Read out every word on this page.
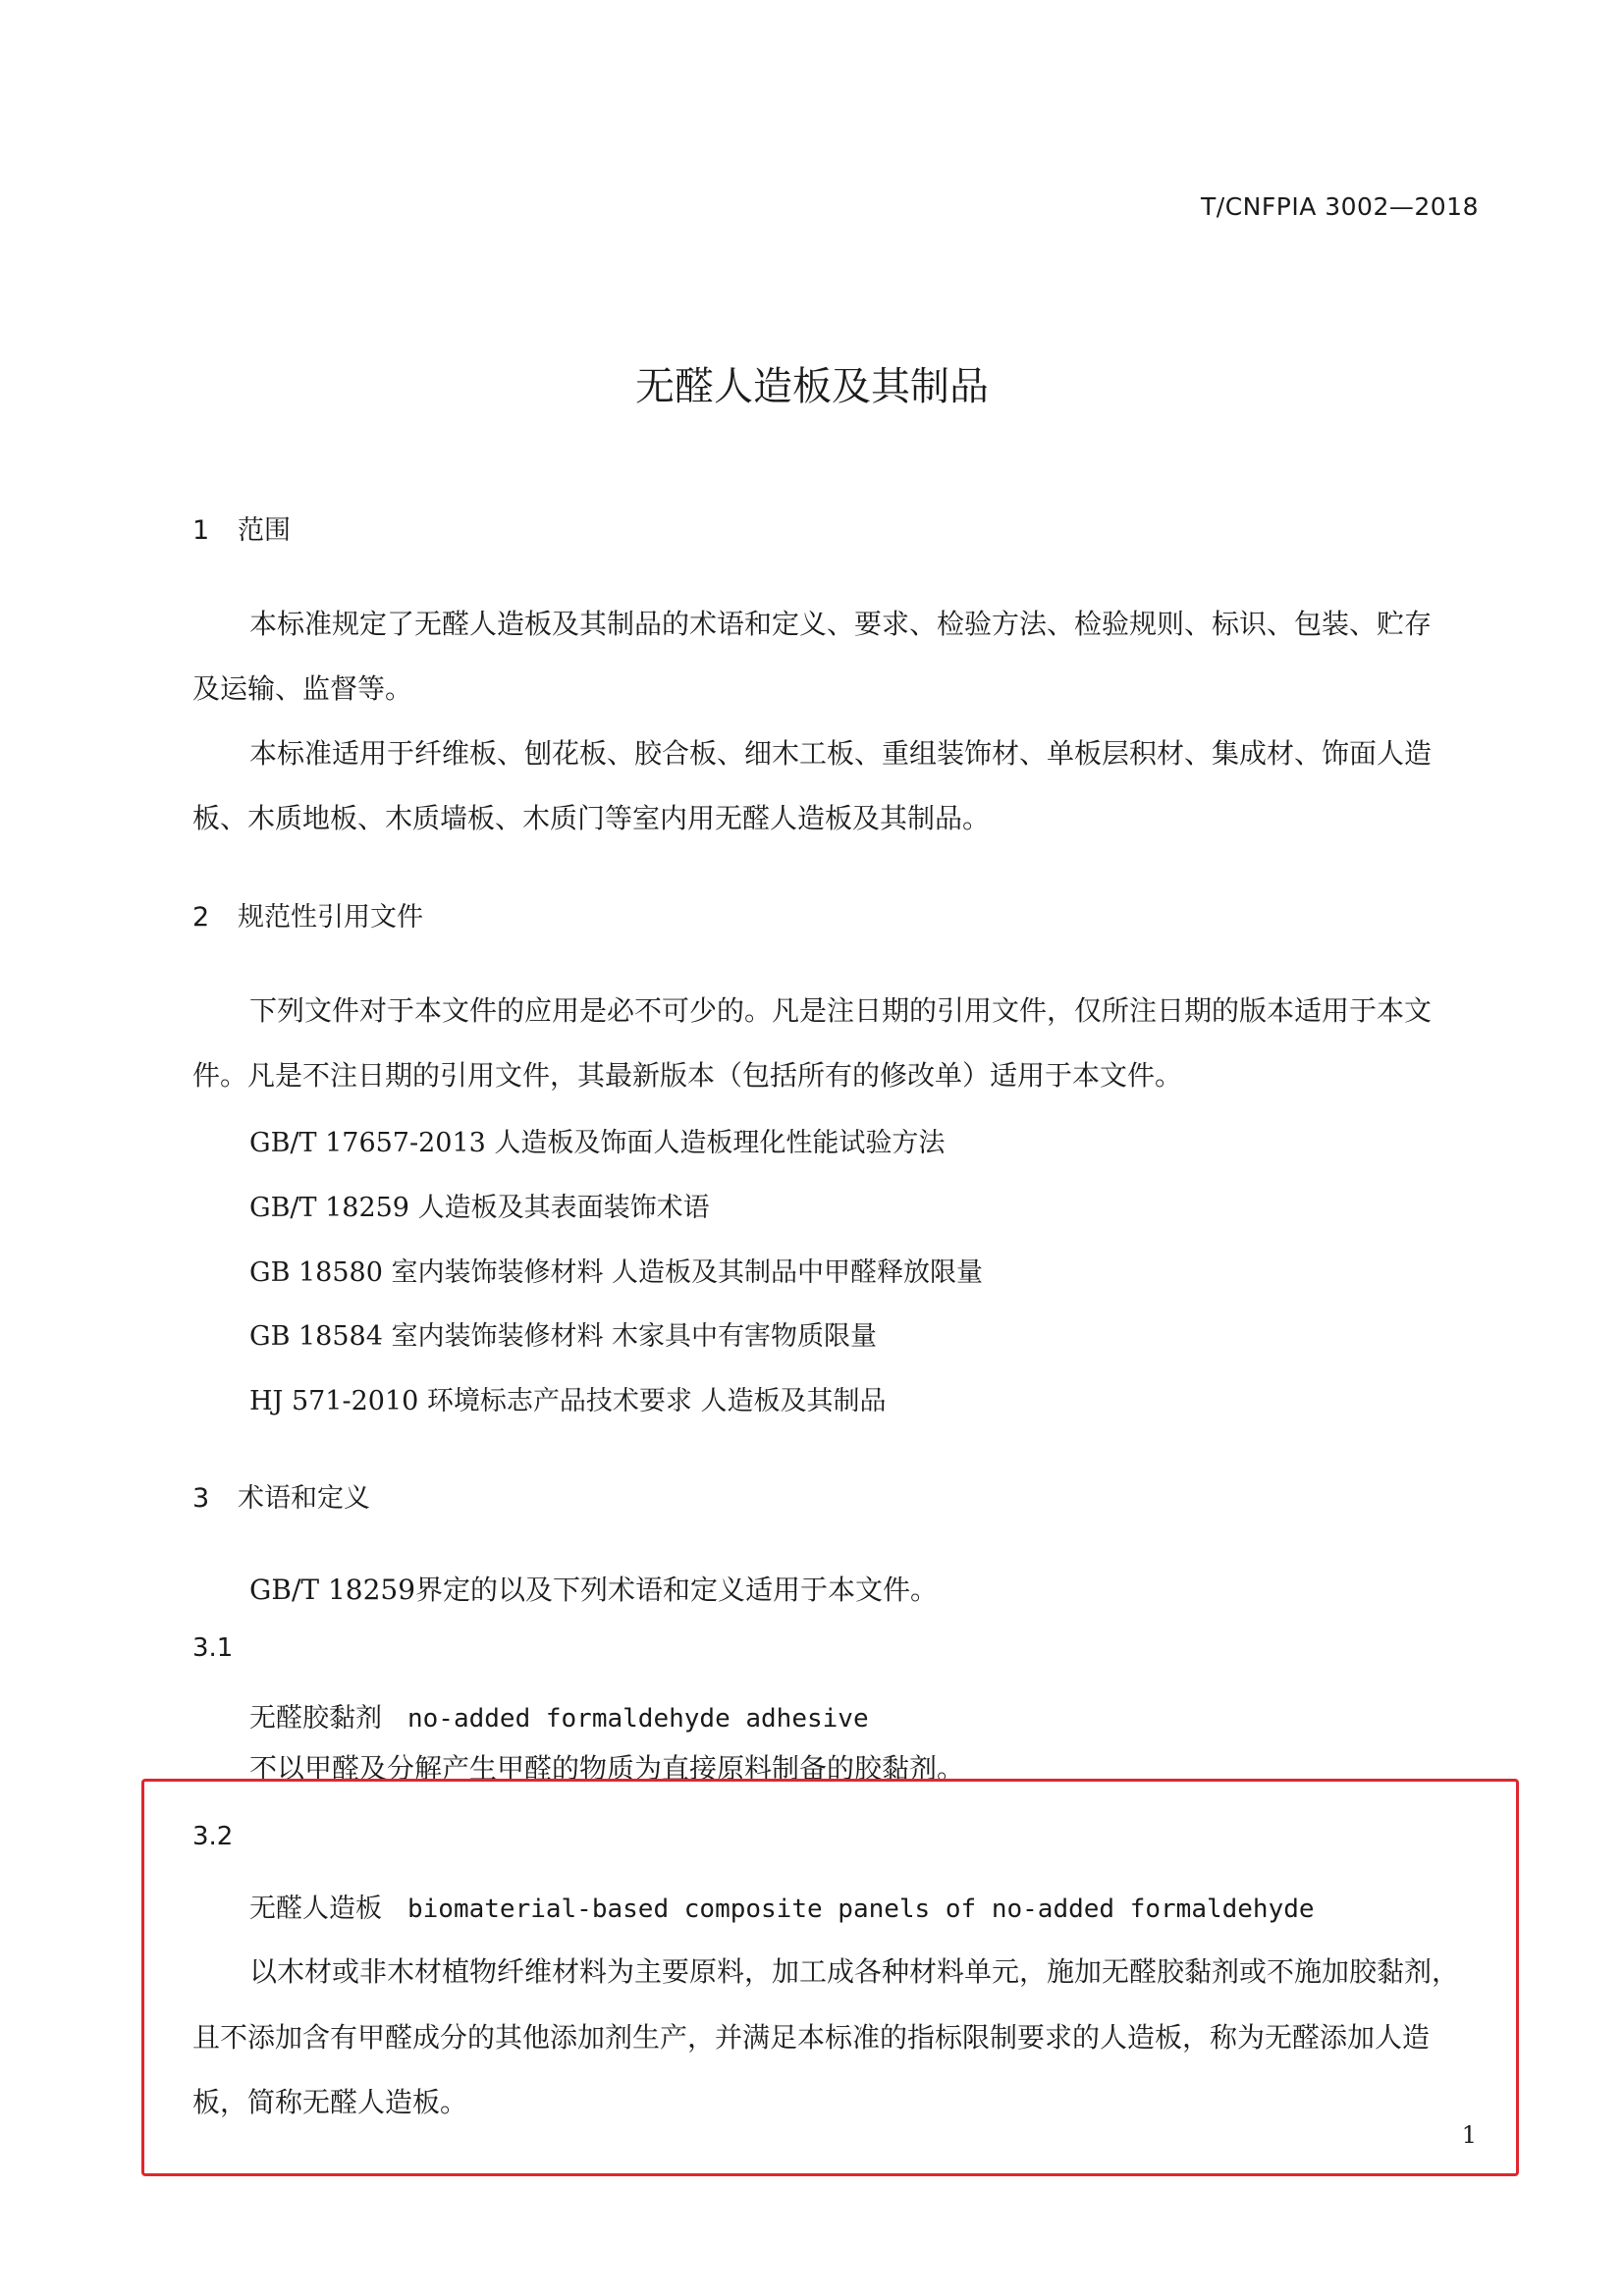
T/CNFPIA 3002—2018
无醛人造板及其制品
1 范围
本标准规定了无醛人造板及其制品的术语和定义、要求、检验方法、检验规则、标识、包装、贮存
及运输、监督等。
本标准适用于纤维板、刨花板、胶合板、细木工板、重组装饰材、单板层积材、集成材、饰面人造
板、木质地板、木质墙板、木质门等室内用无醛人造板及其制品。
2 规范性引用文件
下列文件对于本文件的应用是必不可少的。凡是注日期的引用文件，仅所注日期的版本适用于本文
件。凡是不注日期的引用文件，其最新版本（包括所有的修改单）适用于本文件。
GB/T 17657-2013 人造板及饰面人造板理化性能试验方法
GB/T 18259 人造板及其表面装饰术语
GB 18580 室内装饰装修材料 人造板及其制品中甲醛释放限量
GB 18584 室内装饰装修材料 木家具中有害物质限量
HJ 571-2010 环境标志产品技术要求 人造板及其制品
3 术语和定义
GB/T 18259界定的以及下列术语和定义适用于本文件。
3.1
无醛胶黏剂 no-added formaldehyde adhesive
不以甲醛及分解产生甲醛的物质为直接原料制备的胶黏剂。
3.2
无醛人造板 biomaterial-based composite panels of no-added formaldehyde
以木材或非木材植物纤维材料为主要原料，加工成各种材料单元，施加无醛胶黏剂或不施加胶黏剂，
且不添加含有甲醛成分的其他添加剂生产，并满足本标准的指标限制要求的人造板，称为无醛添加人造
板，简称无醛人造板。
1
